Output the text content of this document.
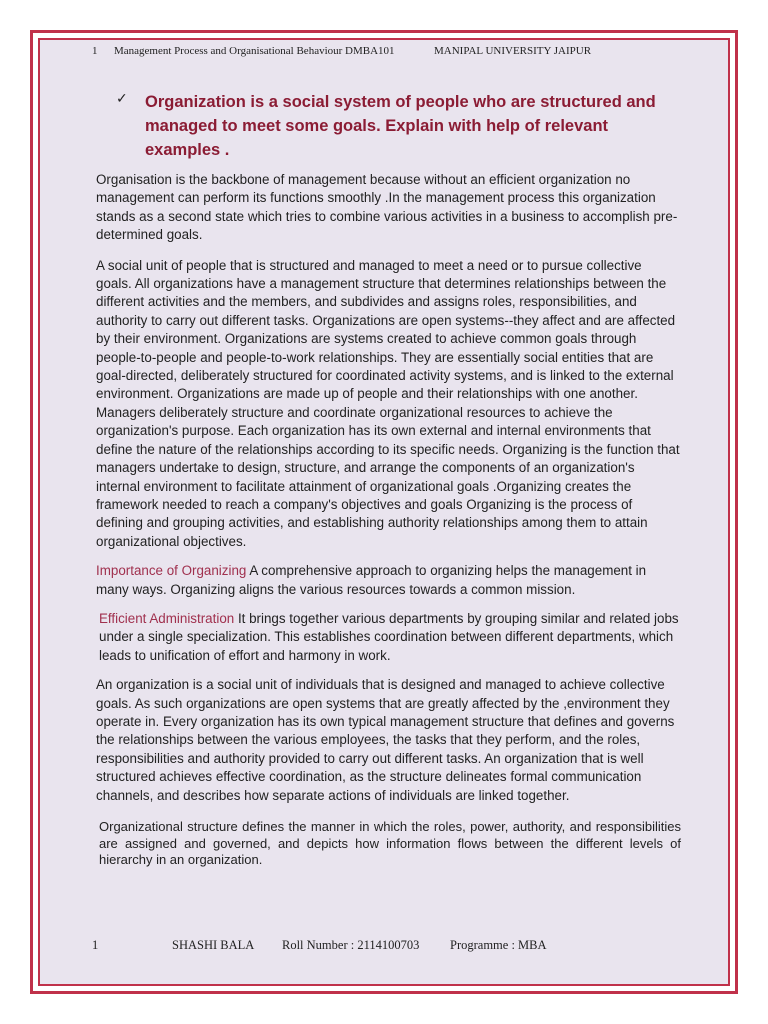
1 Management Process and Organisational Behaviour DMBA101	MANIPAL UNIVERSITY JAIPUR
✓ Organization is a social system of people who are structured and managed to meet some goals. Explain with help of relevant examples .

Organisation is the backbone of management because without an efficient organization no management can perform its functions smoothly .In the management process this organization stands as a second state which tries to combine various activities in a business to accomplish pre-determined goals.

A social unit of people that is structured and managed to meet a need or to pursue collective goals. All organizations have a management structure that determines relationships between the different activities and the members, and subdivides and assigns roles, responsibilities, and authority to carry out different tasks. Organizations are open systems--they affect and are affected by their environment. Organizations are systems created to achieve common goals through people-to-people and people-to-work relationships. They are essentially social entities that are goal-directed, deliberately structured for coordinated activity systems, and is linked to the external environment. Organizations are made up of people and their relationships with one another. Managers deliberately structure and coordinate organizational resources to achieve the organization's purpose. Each organization has its own external and internal environments that define the nature of the relationships according to its specific needs. Organizing is the function that managers undertake to design, structure, and arrange the components of an organization's internal environment to facilitate attainment of organizational goals .Organizing creates the framework needed to reach a company's objectives and goals Organizing is the process of defining and grouping activities, and establishing authority relationships among them to attain organizational objectives.

Importance of Organizing A comprehensive approach to organizing helps the management in many ways. Organizing aligns the various resources towards a common mission.

Efficient Administration It brings together various departments by grouping similar and related jobs under a single specialization. This establishes coordination between different departments, which leads to unification of effort and harmony in work.

An organization is a social unit of individuals that is designed and managed to achieve collective goals. As such organizations are open systems that are greatly affected by the ,environment they operate in. Every organization has its own typical management structure that defines and governs the relationships between the various employees, the tasks that they perform, and the roles, responsibilities and authority provided to carry out different tasks. An organization that is well structured achieves effective coordination, as the structure delineates formal communication channels, and describes how separate actions of individuals are linked together.

Organizational structure defines the manner in which the roles, power, authority, and responsibilities are assigned and governed, and depicts how information flows between the different levels of hierarchy in an organization.

1	SHASHI BALA Roll Number : 2114100703 Programme : MBA
